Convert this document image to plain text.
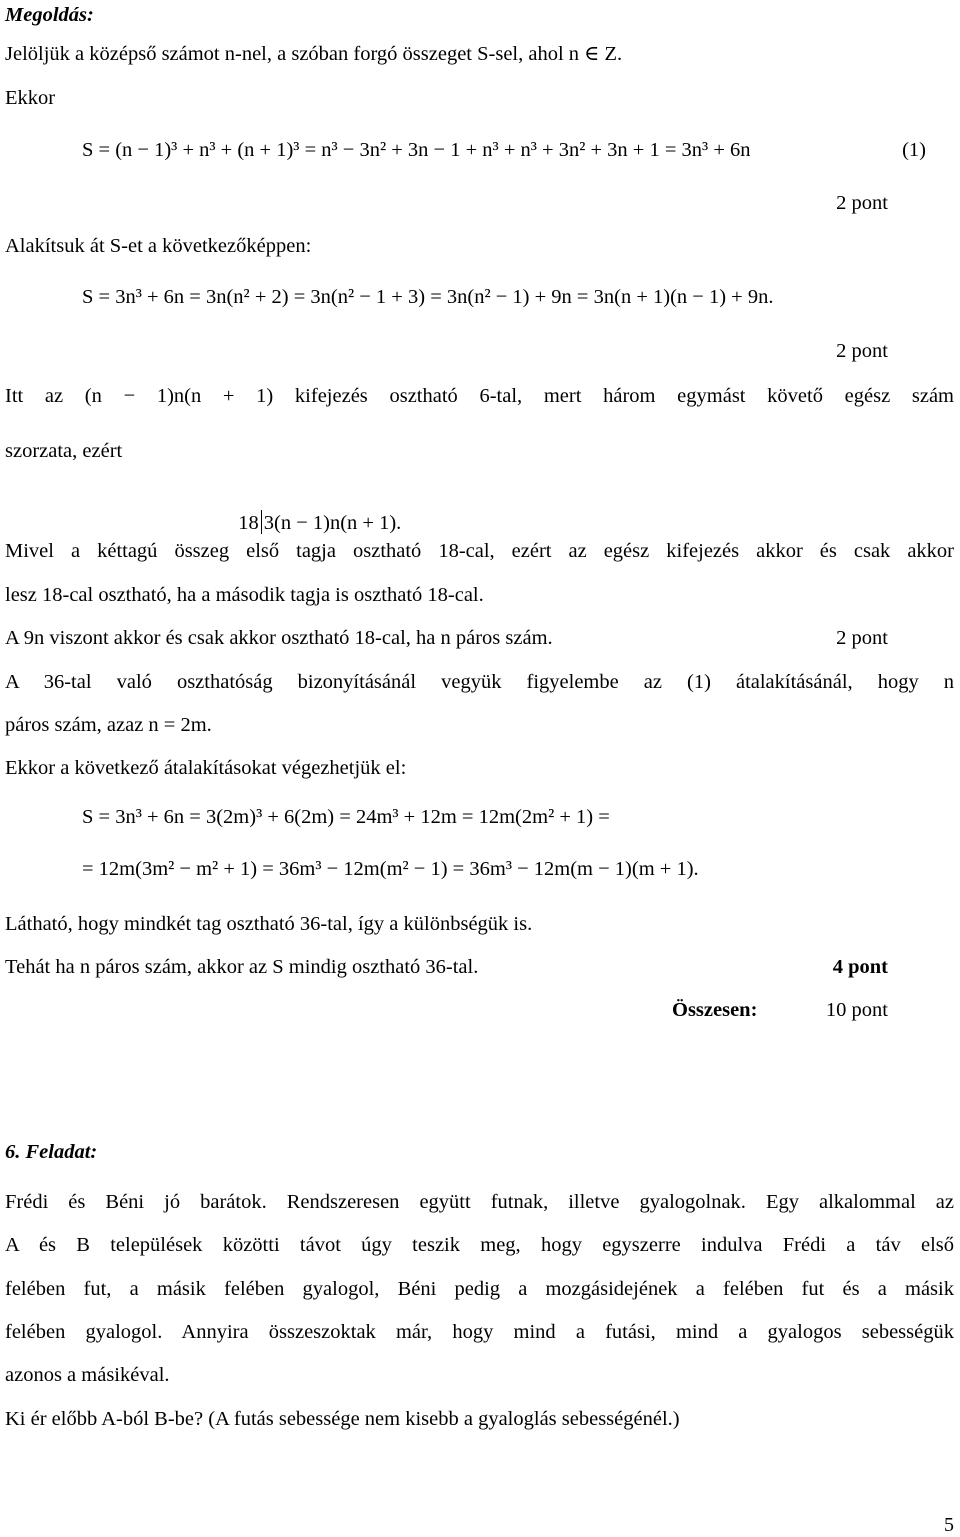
Megoldás:
Jelöljük a középső számot n-nel, a szóban forgó összeget S-sel, ahol n ∈ Z.
Ekkor
S = (n − 1)³ + n³ + (n + 1)³ = n³ − 3n² + 3n − 1 + n³ + n³ + 3n² + 3n + 1 = 3n³ + 6n	(1)
2 pont
Alakítsuk át S-et a következőképpen:
S = 3n³ + 6n = 3n(n² + 2) = 3n(n² − 1 + 3) = 3n(n² − 1) + 9n = 3n(n + 1)(n − 1) + 9n.
2 pont
Itt az (n − 1)n(n + 1) kifejezés osztható 6-tal, mert három egymást követő egész szám
szorzata, ezért

18 3(n − 1)n(n + 1).

Mivel a kéttagú összeg első tagja osztható 18-cal, ezért az egész kifejezés akkor és csak akkor
lesz 18-cal osztható, ha a második tagja is osztható 18-cal.
A 9n viszont akkor és csak akkor osztható 18-cal, ha n páros szám.	2 pont
A 36-tal való oszthatóság bizonyításánál vegyük figyelembe az (1) átalakításánál, hogy n
páros szám, azaz n = 2m.
Ekkor a következő átalakításokat végezhetjük el:
S = 3n³ + 6n = 3(2m)³ + 6(2m) = 24m³ + 12m = 12m(2m² + 1) =
= 12m(3m² − m² + 1) = 36m³ − 12m(m² − 1) = 36m³ − 12m(m − 1)(m + 1).
Látható, hogy mindkét tag osztható 36-tal, így a különbségük is.
Tehát ha n páros szám, akkor az S mindig osztható 36-tal.	4 pont
Összesen:	10 pont
6. Feladat:
Frédi és Béni jó barátok. Rendszeresen együtt futnak, illetve gyalogolnak. Egy alkalommal az
A és B települések közötti távot úgy teszik meg, hogy egyszerre indulva Frédi a táv első
felében fut, a másik felében gyalogol, Béni pedig a mozgásidejének a felében fut és a másik
felében gyalogol. Annyira összeszoktak már, hogy mind a futási, mind a gyalogos sebességük
azonos a másikéval.
Ki ér előbb A-ból B-be? (A futás sebessége nem kisebb a gyaloglás sebességénél.)
5
